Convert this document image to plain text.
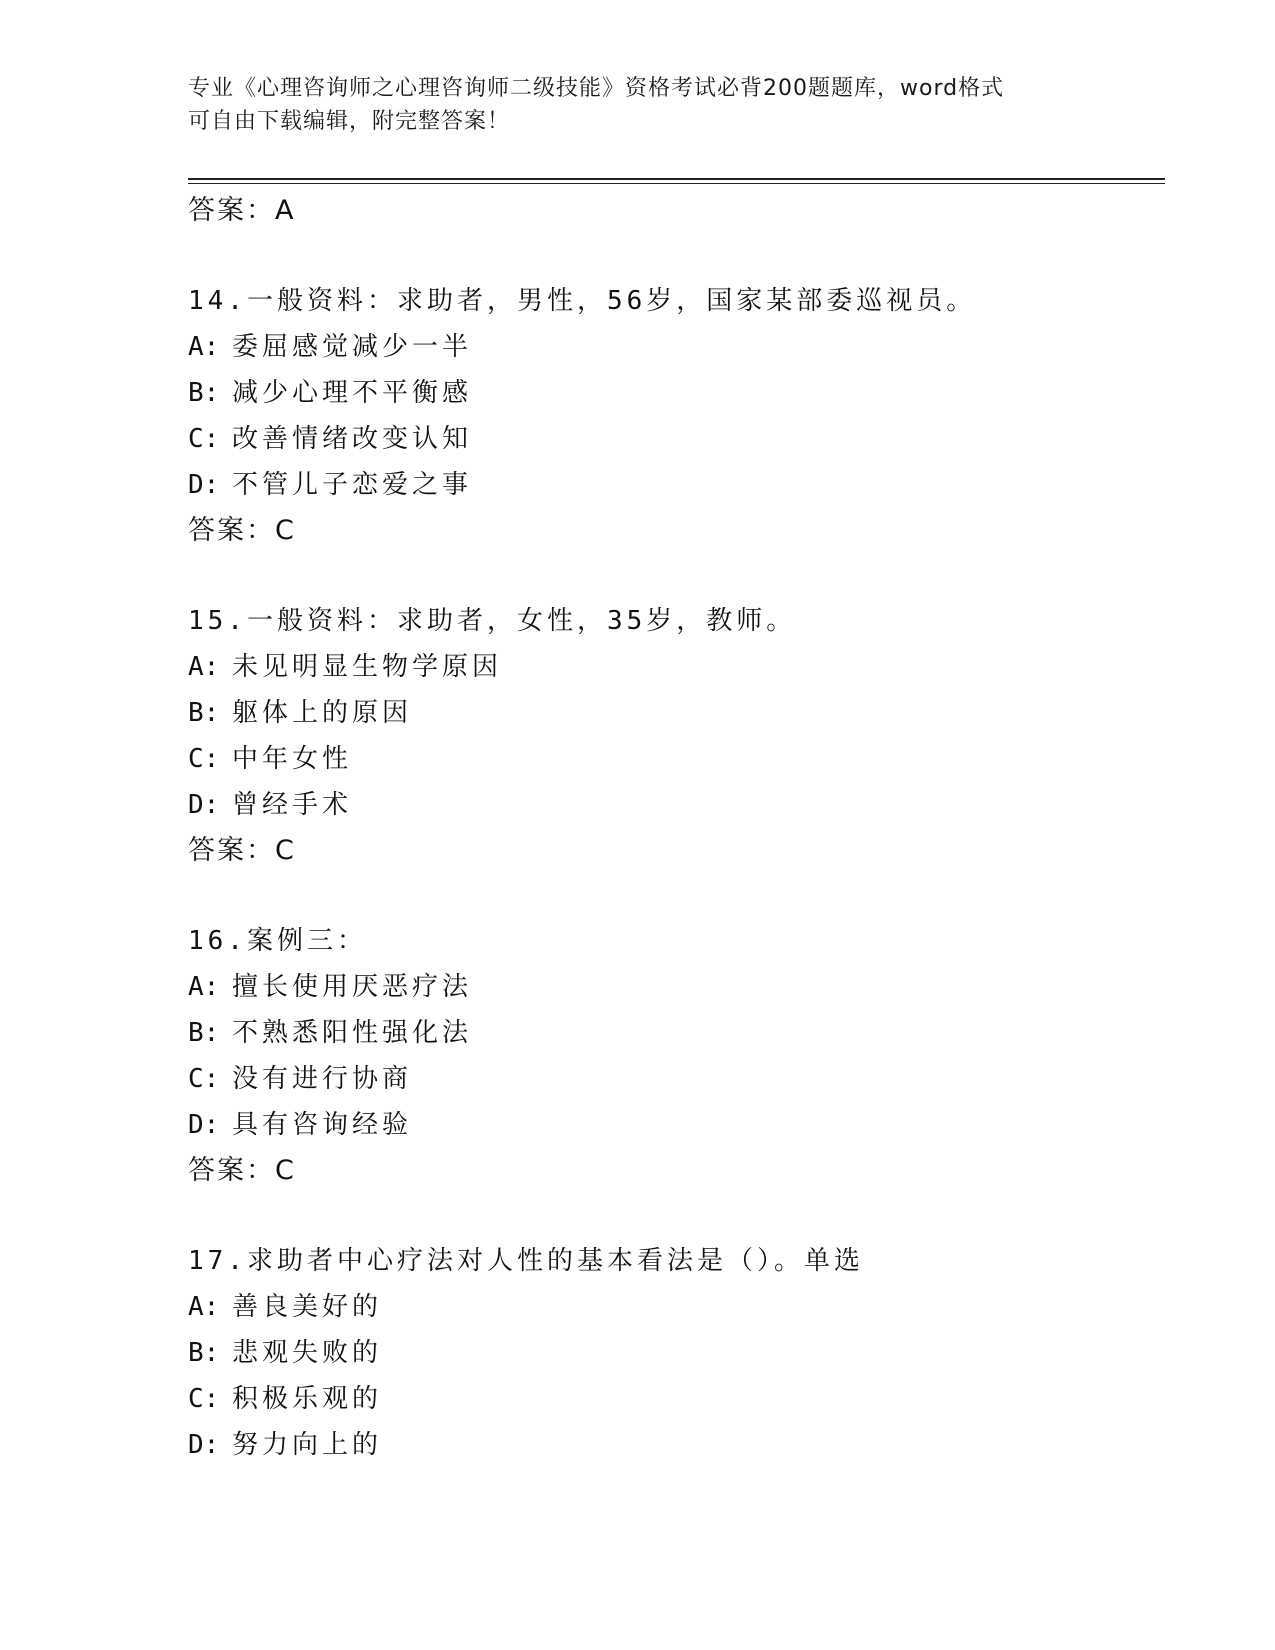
专业《心理咨询师之心理咨询师二级技能》资格考试必背200题题库，word格式
可自由下载编辑，附完整答案！
答案：A
14.一般资料：求助者，男性，56岁，国家某部委巡视员。
A: 委屈感觉减少一半
B: 减少心理不平衡感
C: 改善情绪改变认知
D: 不管儿子恋爱之事
答案：C
15.一般资料：求助者，女性，35岁，教师。
A: 未见明显生物学原因
B: 躯体上的原因
C: 中年女性
D: 曾经手术
答案：C
16.案例三：
A: 擅长使用厌恶疗法
B: 不熟悉阳性强化法
C: 没有进行协商
D: 具有咨询经验
答案：C
17.求助者中心疗法对人性的基本看法是（）。单选
A: 善良美好的
B: 悲观失败的
C: 积极乐观的
D: 努力向上的
